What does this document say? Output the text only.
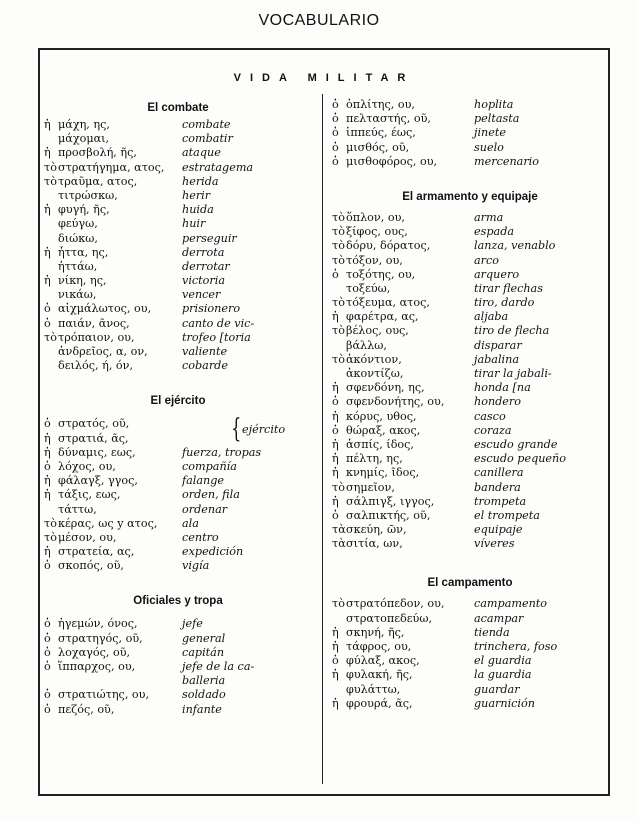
VOCABULARIO
VIDA MILITAR
El combate
ἡ μάχη, ης,	combate
μάχομαι,	combatir
ἡ προσβολή, ῆς,	ataque
τὸ στρατήγημα, ατος,	estratagema
τὸ τραῦμα, ατος,	herida
τιτρώσκω,	herir
ἡ φυγή, ῆς,	huida
φεύγω,	huir
διώκω,	perseguir
ἡ ἧττα, ης,	derrota
ἡττάω,	derrotar
ἡ νίκη, ης,	victoria
νικάω,	vencer
ὁ αἰχμάλωτος, ου,	prisionero
ὁ παιάν, ᾶνος,	canto de vic-
τὸ τρόπαιον, ου,	trofeo [toria
ἀνδρεῖος, α, ον,	valiente
δειλός, ή, όν,	cobarde
El ejército
ὁ στρατός, οῦ,
ἡ στρατιά, ᾶς,	{ ejército
ἡ δύναμις, εως,	fuerza, tropas
ὁ λόχος, ου,	compañía
ἡ φάλαγξ, γγος,	falange
ἡ τάξις, εως,	orden, fila
τάττω,	ordenar
τὸ κέρας, ως y ατος,	ala
τὸ μέσον, ου,	centro
ἡ στρατεία, ας,	expedición
ὁ σκοπός, οῦ,	vigía
Oficiales y tropa
ὁ ἡγεμών, όνος,	jefe
ὁ στρατηγός, οῦ,	general
ὁ λοχαγός, οῦ,	capitán
ὁ ἵππαρχος, ου,	jefe de la ca-
balleria
ὁ στρατιώτης, ου,	soldado
ὁ πεζός, οῦ,	infante
ὁ ὁπλίτης, ου,	hoplita
ὁ πελταστής, οῦ,	peltasta
ὁ ἱππεύς, έως,	jinete
ὁ μισθός, οῦ,	suelo
ὁ μισθοφόρος, ου,	mercenario
El armamento y equipaje
τὸ ὅπλον, ου,	arma
τὸ ξίφος, ους,	espada
τὸ δόρυ, δόρατος,	lanza, venablo
τὸ τόξον, ου,	arco
ὁ τοξότης, ου,	arquero
τοξεύω,	tirar flechas
τὸ τόξευμα, ατος,	tiro, dardo
ἡ φαρέτρα, ας,	aljaba
τὸ βέλος, ους,	tiro de flecha
βάλλω,	disparar
τὸ ἀκόντιον,	jabalina
ἀκοντίζω,	tirar la jabali-
ἡ σφενδόνη, ης,	honda [na
ὁ σφενδονήτης, ου,	hondero
ἡ κόρυς, υθος,	casco
ὁ θώραξ, ακος,	coraza
ἡ ἀσπίς, ίδος,	escudo grande
ἡ πέλτη, ης,	escudo pequeño
ἡ κνημίς, ῖδος,	canillera
τὸ σημεῖον,	bandera
ἡ σάλπιγξ, ιγγος,	trompeta
ὁ σαλπικτής, οῦ,	el trompeta
τὰ σκεύη, ῶν,	equipaje
τὰ σιτία, ων,	víveres
El campamento
τὸ στρατόπεδον, ου,	campamento
στρατοπεδεύω,	acampar
ἡ σκηνή, ῆς,	tienda
ἡ τάφρος, ου,	trinchera, foso
ὁ φύλαξ, ακος,	el guardia
ἡ φυλακή, ῆς,	la guardia
φυλάττω,	guardar
ἡ φρουρά, ᾶς,	guarnición
